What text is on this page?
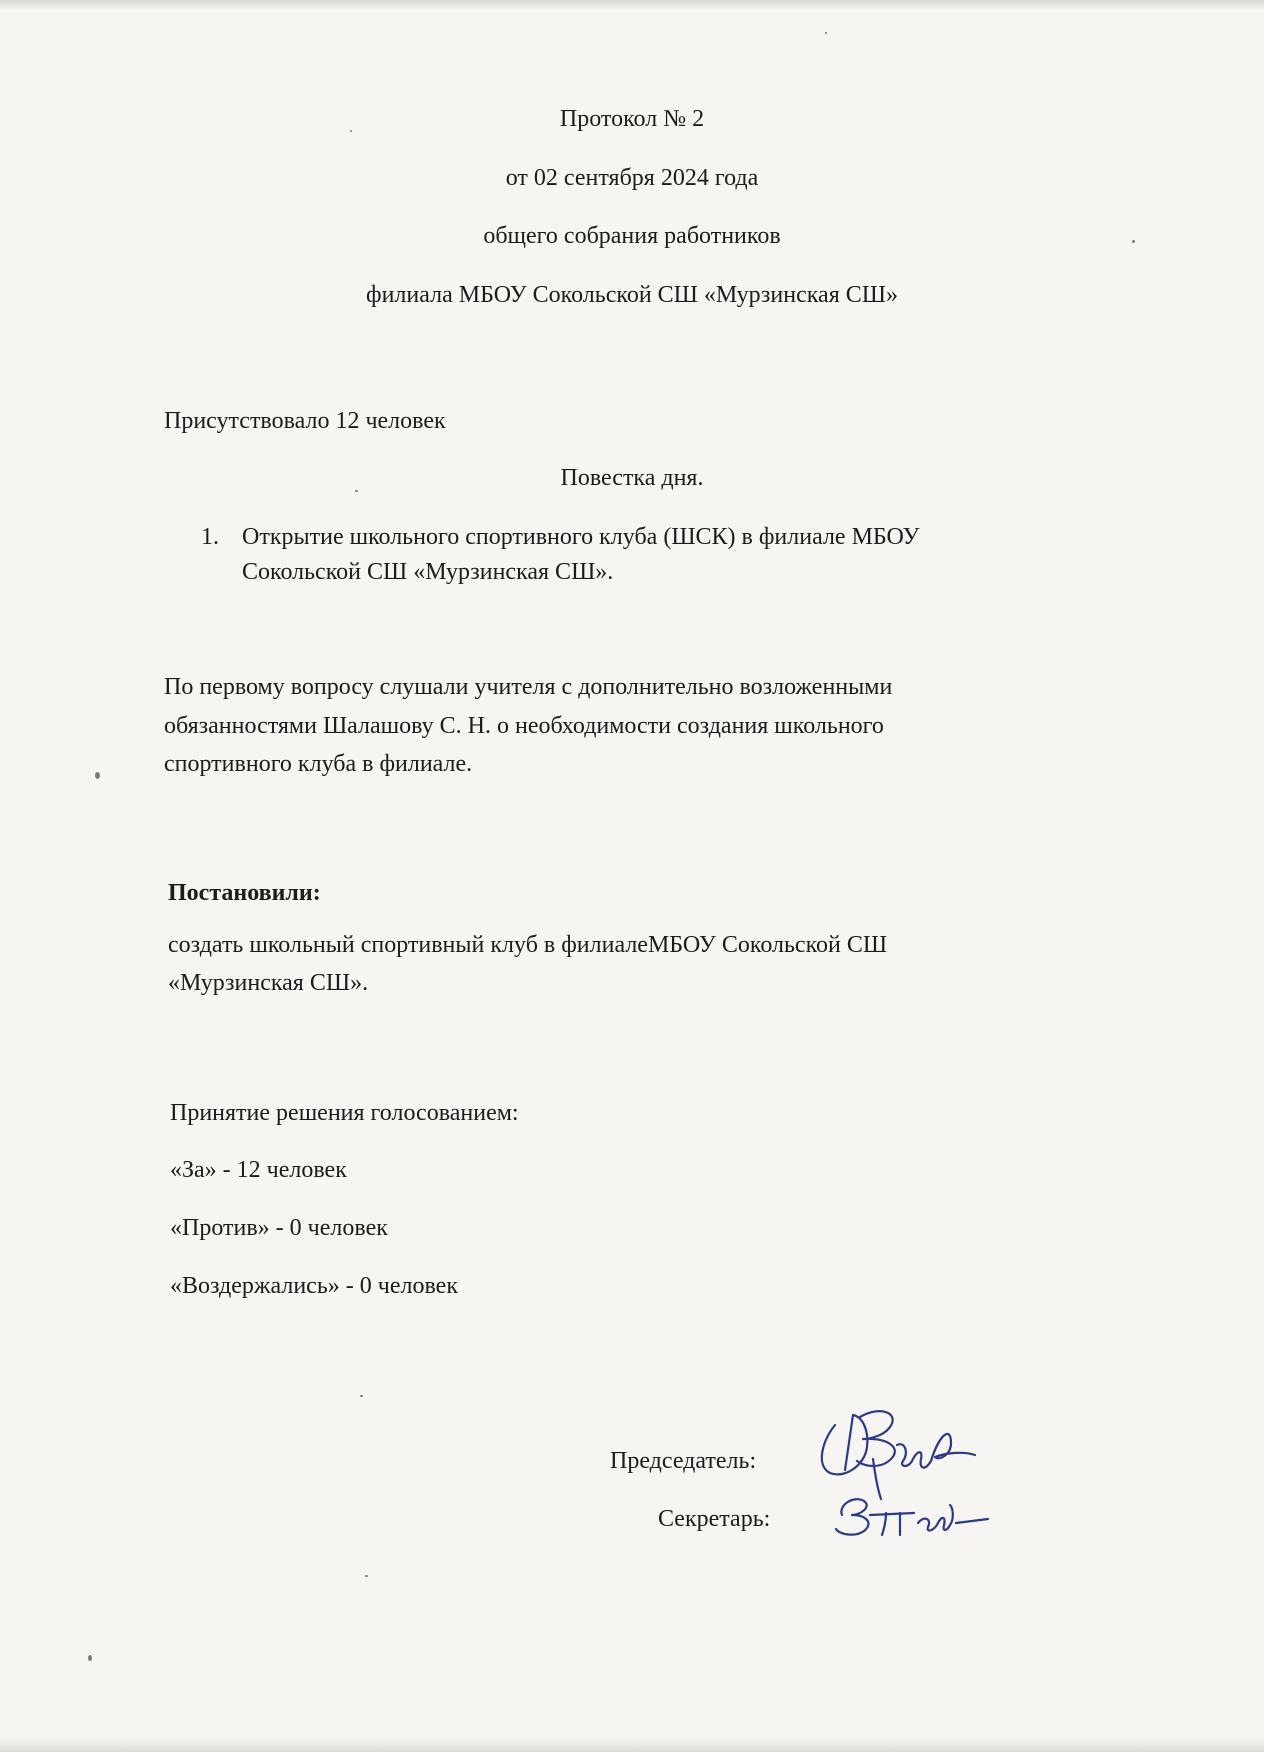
Протокол № 2
от 02 сентября 2024 года
общего собрания работников
филиала МБОУ Сокольской СШ «Мурзинская СШ»
Присутствовало 12 человек
Повестка дня.
1. Открытие школьного спортивного клуба (ШСК) в филиале МБОУ
Сокольской СШ «Мурзинская СШ».
По первому вопросу слушали учителя с дополнительно возложенными
обязанностями Шалашову С. Н. о необходимости создания школьного
спортивного клуба в филиале.
Постановили:
создать школьный спортивный клуб в филиалеМБОУ Сокольской СШ
«Мурзинская СШ».
Принятие решения голосованием:
«За» - 12 человек
«Против» - 0 человек
«Воздержались» - 0 человек
Председатель:
Секретарь:
